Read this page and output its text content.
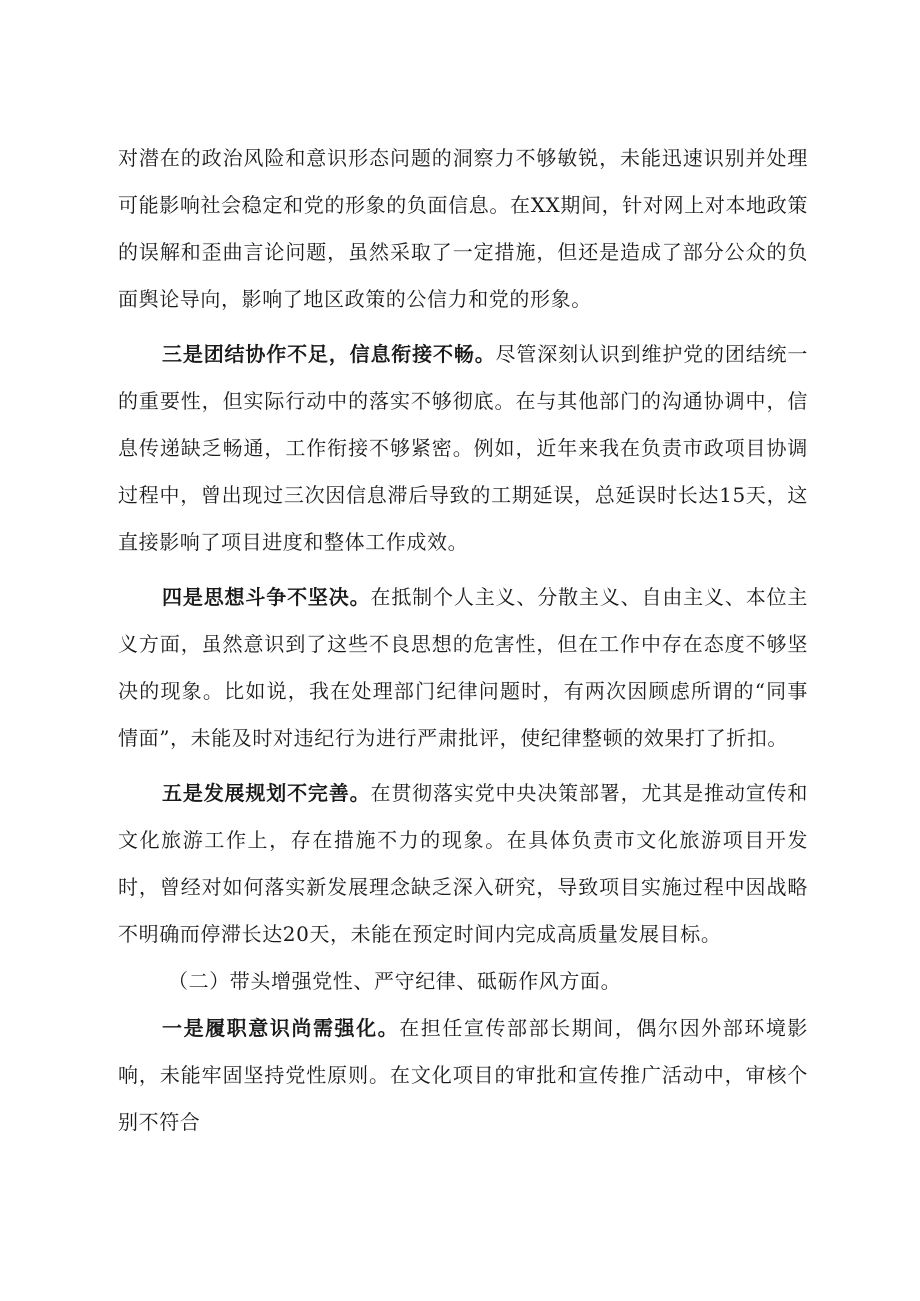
对潜在的政治风险和意识形态问题的洞察力不够敏锐，未能迅速识别并处理可能影响社会稳定和党的形象的负面信息。在XX期间，针对网上对本地政策的误解和歪曲言论问题，虽然采取了一定措施，但还是造成了部分公众的负面舆论导向，影响了地区政策的公信力和党的形象。

三是团结协作不足，信息衔接不畅。尽管深刻认识到维护党的团结统一的重要性，但实际行动中的落实不够彻底。在与其他部门的沟通协调中，信息传递缺乏畅通，工作衔接不够紧密。例如，近年来我在负责市政项目协调过程中，曾出现过三次因信息滞后导致的工期延误，总延误时长达15天，这直接影响了项目进度和整体工作成效。

四是思想斗争不坚决。在抵制个人主义、分散主义、自由主义、本位主义方面，虽然意识到了这些不良思想的危害性，但在工作中存在态度不够坚决的现象。比如说，我在处理部门纪律问题时，有两次因顾虑所谓的“同事情面”，未能及时对违纪行为进行严肃批评，使纪律整顿的效果打了折扣。

五是发展规划不完善。在贯彻落实党中央决策部署，尤其是推动宣传和文化旅游工作上，存在措施不力的现象。在具体负责市文化旅游项目开发时，曾经对如何落实新发展理念缺乏深入研究，导致项目实施过程中因战略不明确而停滞长达20天，未能在预定时间内完成高质量发展目标。

（二）带头增强党性、严守纪律、砥砺作风方面。

一是履职意识尚需强化。在担任宣传部部长期间，偶尔因外部环境影响，未能牢固坚持党性原则。在文化项目的审批和宣传推广活动中，审核个别不符合
